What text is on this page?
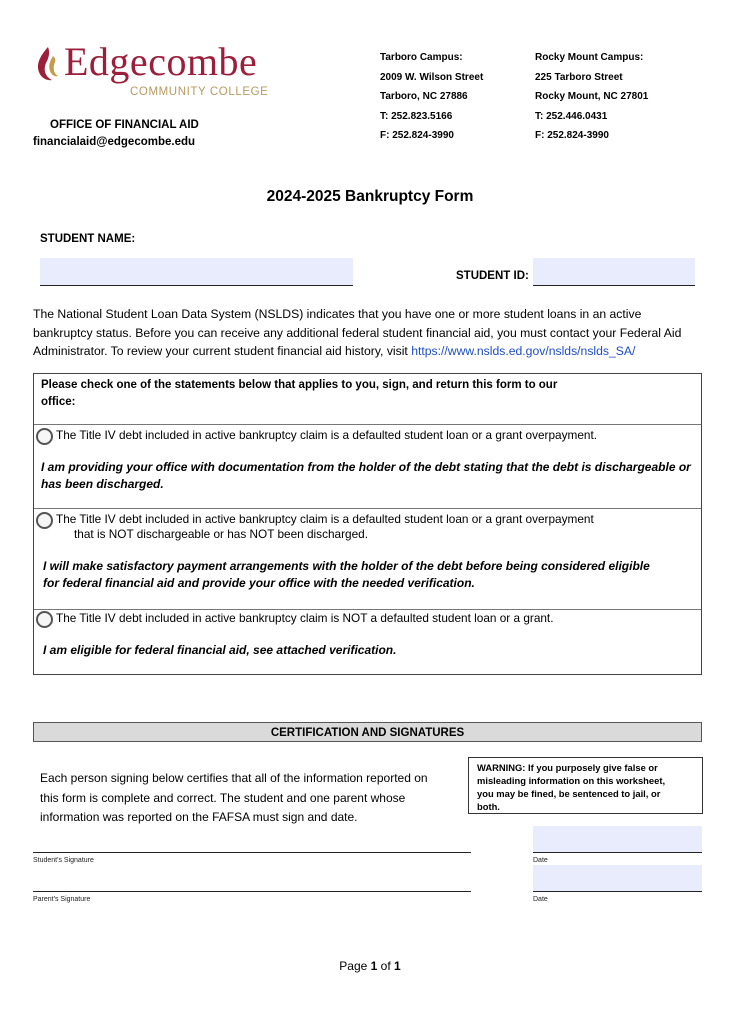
Edgecombe
COMMUNITY COLLEGE
OFFICE OF FINANCIAL AID
financialaid@edgecombe.edu
Tarboro Campus:
2009 W. Wilson Street
Tarboro, NC 27886
T: 252.823.5166
F: 252.824-3990
Rocky Mount Campus:
225 Tarboro Street
Rocky Mount, NC 27801
T: 252.446.0431
F: 252.824-3990
2024-2025 Bankruptcy Form
STUDENT NAME:
STUDENT ID:
The National Student Loan Data System (NSLDS) indicates that you have one or more student loans in an active
bankruptcy status. Before you can receive any additional federal student financial aid, you must contact your Federal Aid
Administrator. To review your current student financial aid history, visit https://www.nslds.ed.gov/nslds/nslds_SA/
Please check one of the statements below that applies to you, sign, and return this form to our
office:
The Title IV debt included in active bankruptcy claim is a defaulted student loan or a grant overpayment.
I am providing your office with documentation from the holder of the debt stating that the debt is dischargeable or
has been discharged.
The Title IV debt included in active bankruptcy claim is a defaulted student loan or a grant overpayment
that is NOT dischargeable or has NOT been discharged.
I will make satisfactory payment arrangements with the holder of the debt before being considered eligible
for federal financial aid and provide your office with the needed verification.
The Title IV debt included in active bankruptcy claim is NOT a defaulted student loan or a grant.
I am eligible for federal financial aid, see attached verification.
CERTIFICATION AND SIGNATURES
Each person signing below certifies that all of the information reported on
this form is complete and correct. The student and one parent whose
information was reported on the FAFSA must sign and date.
WARNING: If you purposely give false or
misleading information on this worksheet,
you may be fined, be sentenced to jail, or
both.
Student's Signature	Date
Parent's Signature	Date
Page 1 of 1
